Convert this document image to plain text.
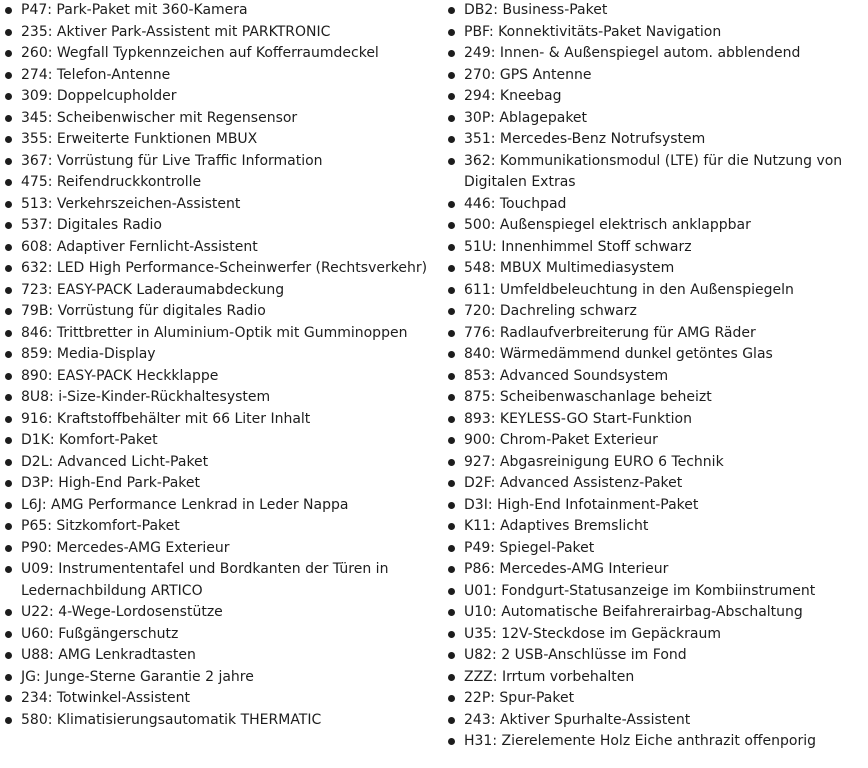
P47: Park-Paket mit 360-Kamera
235: Aktiver Park-Assistent mit PARKTRONIC
260: Wegfall Typkennzeichen auf Kofferraumdeckel
274: Telefon-Antenne
309: Doppelcupholder
345: Scheibenwischer mit Regensensor
355: Erweiterte Funktionen MBUX
367: Vorrüstung für Live Traffic Information
475: Reifendruckkontrolle
513: Verkehrszeichen-Assistent
537: Digitales Radio
608: Adaptiver Fernlicht-Assistent
632: LED High Performance-Scheinwerfer (Rechtsverkehr)
723: EASY-PACK Laderaumabdeckung
79B: Vorrüstung für digitales Radio
846: Trittbretter in Aluminium-Optik mit Gumminoppen
859: Media-Display
890: EASY-PACK Heckklappe
8U8: i-Size-Kinder-Rückhaltesystem
916: Kraftstoffbehälter mit 66 Liter Inhalt
D1K: Komfort-Paket
D2L: Advanced Licht-Paket
D3P: High-End Park-Paket
L6J: AMG Performance Lenkrad in Leder Nappa
P65: Sitzkomfort-Paket
P90: Mercedes-AMG Exterieur
U09: Instrumententafel und Bordkanten der Türen in Ledernachbildung ARTICO
U22: 4-Wege-Lordosenstütze
U60: Fußgängerschutz
U88: AMG Lenkradtasten
JG: Junge-Sterne Garantie 2 jahre
234: Totwinkel-Assistent
580: Klimatisierungsautomatik THERMATIC
DB2: Business-Paket
PBF: Konnektivitäts-Paket Navigation
249: Innen- & Außenspiegel autom. abblendend
270: GPS Antenne
294: Kneebag
30P: Ablagepaket
351: Mercedes-Benz Notrufsystem
362: Kommunikationsmodul (LTE) für die Nutzung von Digitalen Extras
446: Touchpad
500: Außenspiegel elektrisch anklappbar
51U: Innenhimmel Stoff schwarz
548: MBUX Multimediasystem
611: Umfeldbeleuchtung in den Außenspiegeln
720: Dachreling schwarz
776: Radlaufverbreiterung für AMG Räder
840: Wärmedämmend dunkel getöntes Glas
853: Advanced Soundsystem
875: Scheibenwaschanlage beheizt
893: KEYLESS-GO Start-Funktion
900: Chrom-Paket Exterieur
927: Abgasreinigung EURO 6 Technik
D2F: Advanced Assistenz-Paket
D3I: High-End Infotainment-Paket
K11: Adaptives Bremslicht
P49: Spiegel-Paket
P86: Mercedes-AMG Interieur
U01: Fondgurt-Statusanzeige im Kombiinstrument
U10: Automatische Beifahrerairbag-Abschaltung
U35: 12V-Steckdose im Gepäckraum
U82: 2 USB-Anschlüsse im Fond
ZZZ: Irrtum vorbehalten
22P: Spur-Paket
243: Aktiver Spurhalte-Assistent
H31: Zierelemente Holz Eiche anthrazit offenporig
